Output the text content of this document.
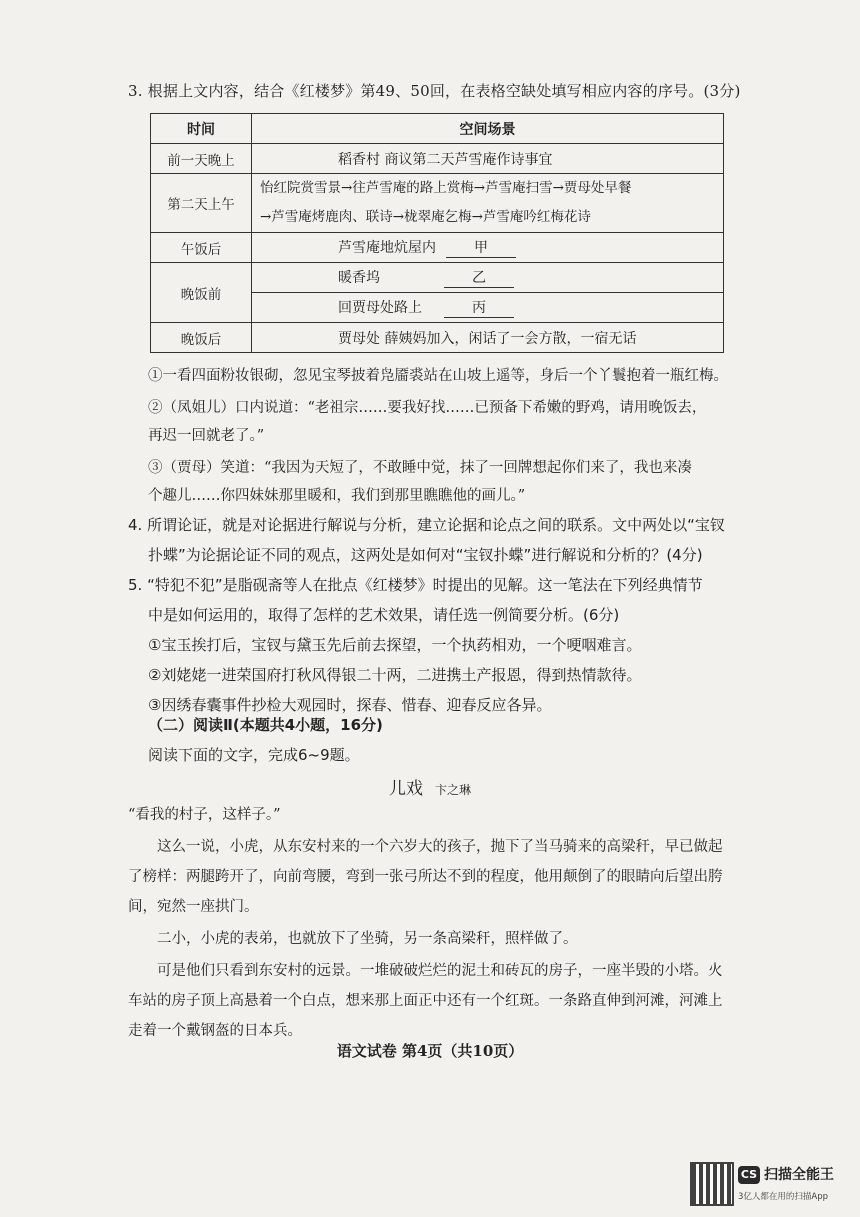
3. 根据上文内容，结合《红楼梦》第49、50回，在表格空缺处填写相应内容的序号。(3分)
时间	空间场景
前一天晚上	稻香村 商议第二天芦雪庵作诗事宜
第二天上午	怡红院赏雪景→往芦雪庵的路上赏梅→芦雪庵扫雪→贾母处早餐
→芦雪庵烤鹿肉、联诗→栊翠庵乞梅→芦雪庵吟红梅花诗

午饭后	芦雪庵地炕屋内 甲
晚饭前	暖香坞 乙
	回贾母处路上 丙
晚饭后	贾母处 薛姨妈加入，闲话了一会方散，一宿无话

①一看四面粉妆银砌，忽见宝琴披着凫靥裘站在山坡上遥等，身后一个丫鬟抱着一瓶红梅。

②（凤姐儿）口内说道：“老祖宗……要我好找……已预备下希嫩的野鸡，请用晚饭去，
再迟一回就老了。”

③（贾母）笑道：“我因为天短了，不敢睡中觉，抹了一回牌想起你们来了，我也来凑
个趣儿……你四妹妹那里暖和，我们到那里瞧瞧他的画儿。”

4. 所谓论证，就是对论据进行解说与分析，建立论据和论点之间的联系。文中两处以“宝钗

扑蝶”为论据论证不同的观点，这两处是如何对“宝钗扑蝶”进行解说和分析的？(4分)

5. “特犯不犯”是脂砚斋等人在批点《红楼梦》时提出的见解。这一笔法在下列经典情节

中是如何运用的，取得了怎样的艺术效果，请任选一例简要分析。(6分)

①宝玉挨打后，宝钗与黛玉先后前去探望，一个执药相劝，一个哽咽难言。

②刘姥姥一进荣国府打秋风得银二十两，二进携土产报恩，得到热情款待。

③因绣春囊事件抄检大观园时，探春、惜春、迎春反应各异。

（二）阅读Ⅱ(本题共4小题，16分)

阅读下面的文字，完成6~9题。

儿戏 卞之琳

“看我的村子，这样子。”

这么一说，小虎，从东安村来的一个六岁大的孩子，抛下了当马骑来的高梁秆，早已做起了榜样：两腿跨开了，向前弯腰，弯到一张弓所达不到的程度，他用颠倒了的眼睛向后望出胯间，宛然一座拱门。

二小，小虎的表弟，也就放下了坐骑，另一条高梁秆，照样做了。

可是他们只看到东安村的远景。一堆破破烂烂的泥土和砖瓦的房子，一座半毁的小塔。火车站的房子顶上高悬着一个白点，想来那上面正中还有一个红斑。一条路直伸到河滩，河滩上走着一个戴钢盔的日本兵。

语文试卷 第4页（共10页）
CS 扫描全能王
3亿人都在用的扫描App
